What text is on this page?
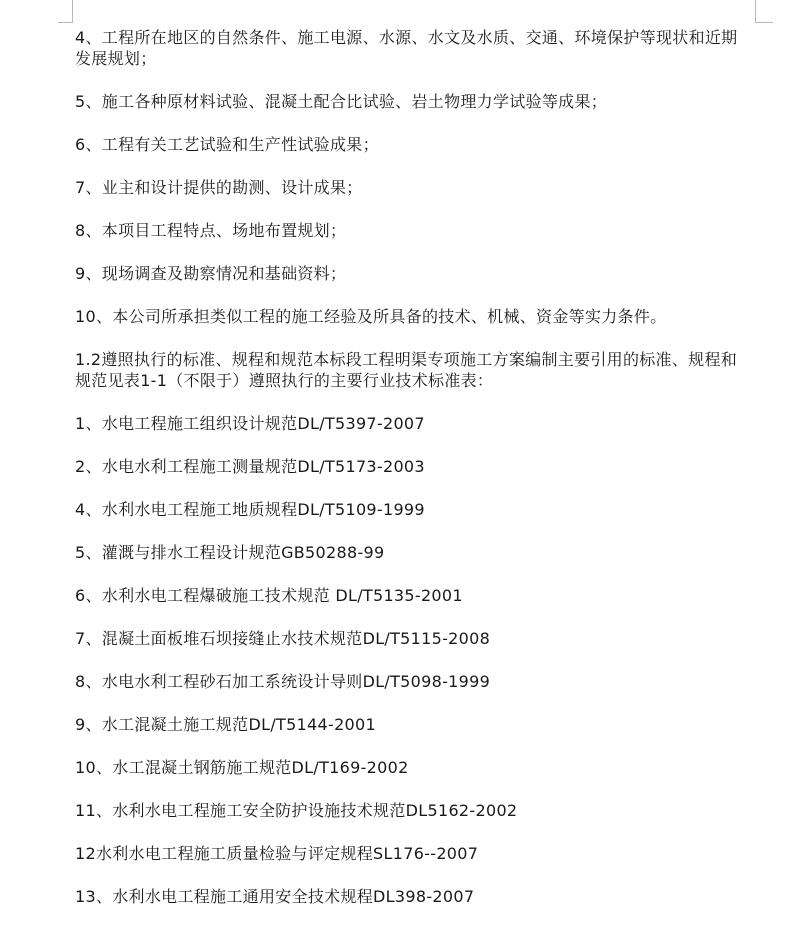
4、工程所在地区的自然条件、施工电源、水源、水文及水质、交通、环境保护等现状和近期发展规划；

5、施工各种原材料试验、混凝土配合比试验、岩土物理力学试验等成果；

6、工程有关工艺试验和生产性试验成果；

7、业主和设计提供的勘测、设计成果；

8、本项目工程特点、场地布置规划；

9、现场调查及勘察情况和基础资料；

10、本公司所承担类似工程的施工经验及所具备的技术、机械、资金等实力条件。

1.2遵照执行的标准、规程和规范本标段工程明渠专项施工方案编制主要引用的标准、规程和规范见表1-1（不限于）遵照执行的主要行业技术标准表：

1、水电工程施工组织设计规范DL/T5397-2007

2、水电水利工程施工测量规范DL/T5173-2003

4、水利水电工程施工地质规程DL/T5109-1999

5、灌溉与排水工程设计规范GB50288-99

6、水利水电工程爆破施工技术规范 DL/T5135-2001

7、混凝土面板堆石坝接缝止水技术规范DL/T5115-2008

8、水电水利工程砂石加工系统设计导则DL/T5098-1999

9、水工混凝土施工规范DL/T5144-2001

10、水工混凝土钢筋施工规范DL/T169-2002

11、水利水电工程施工安全防护设施技术规范DL5162-2002

12水利水电工程施工质量检验与评定规程SL176--2007

13、水利水电工程施工通用安全技术规程DL398-2007
